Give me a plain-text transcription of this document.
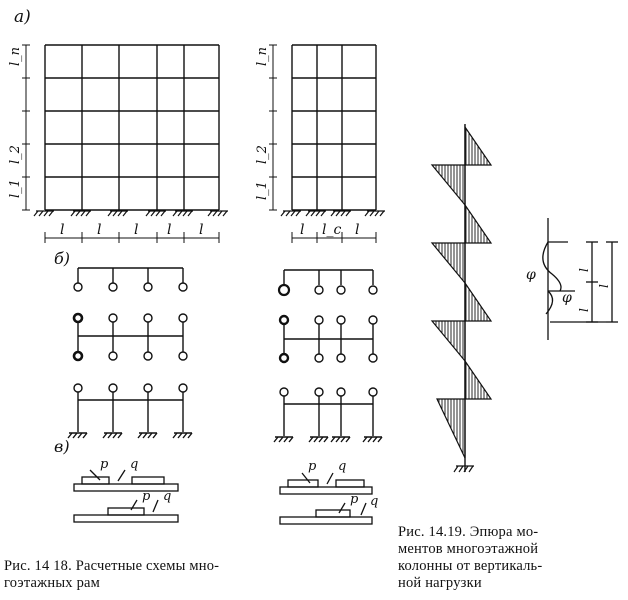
а)
l_n
l_2
l_1
l l l l l
l_n
l_2
l_1
l l_c l
б)
в)
p q
p q
p q
p q
l
l
l
φ
φ
Рис. 14 18. Расчетные схемы мно-
гоэтажных рам
Рис. 14.19. Эпюра мо-
ментов многоэтажной
колонны от вертикаль-
ной нагрузки
